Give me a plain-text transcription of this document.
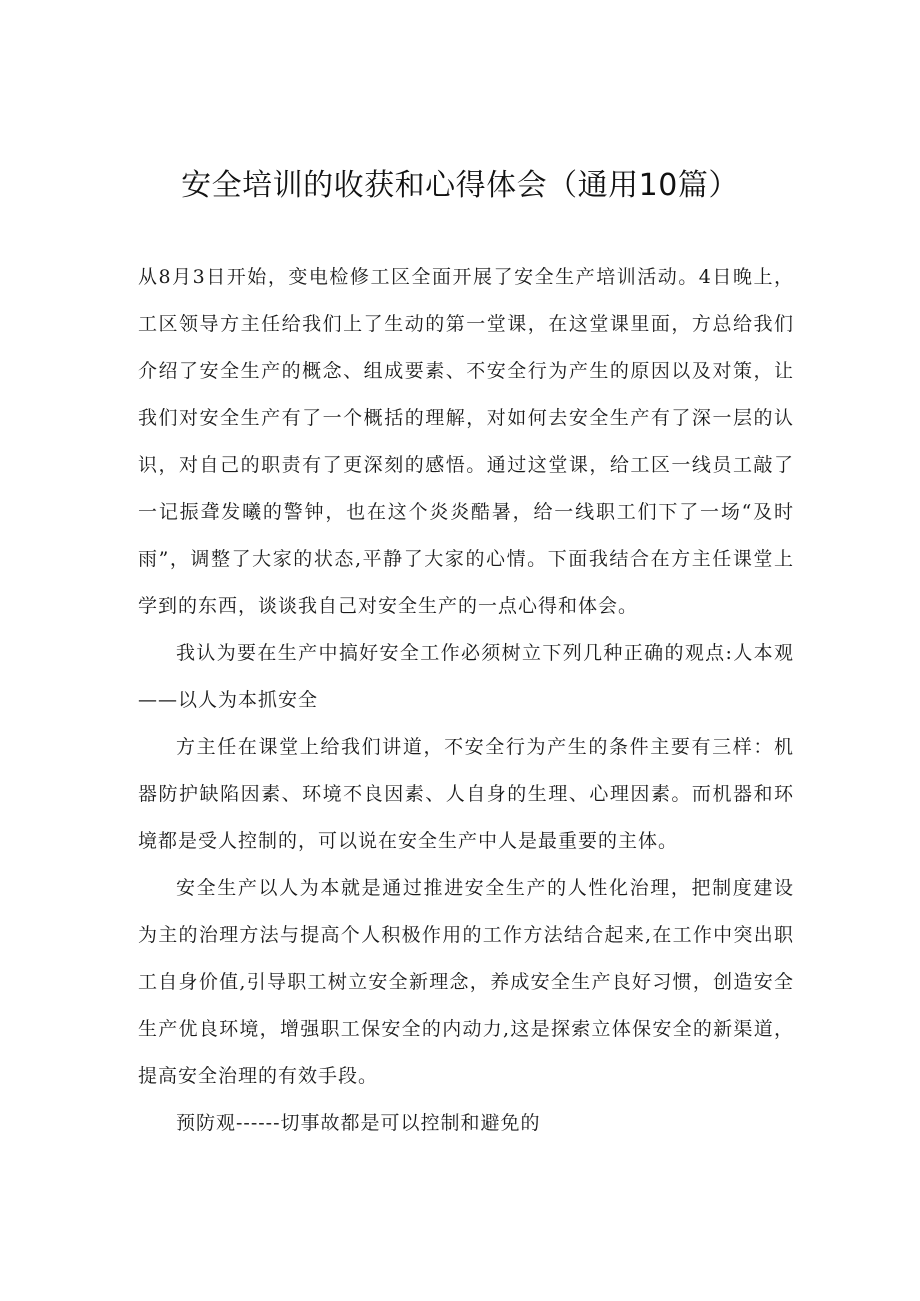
安全培训的收获和心得体会（通用10篇）

从8月3日开始，变电检修工区全面开展了安全生产培训活动。4日晚上，工区领导方主任给我们上了生动的第一堂课，在这堂课里面，方总给我们介绍了安全生产的概念、组成要素、不安全行为产生的原因以及对策，让我们对安全生产有了一个概括的理解，对如何去安全生产有了深一层的认识，对自己的职责有了更深刻的感悟。通过这堂课，给工区一线员工敲了一记振聋发曦的警钟，也在这个炎炎酷暑，给一线职工们下了一场“及时雨”，调整了大家的状态,平静了大家的心情。下面我结合在方主任课堂上学到的东西，谈谈我自己对安全生产的一点心得和体会。

我认为要在生产中搞好安全工作必须树立下列几种正确的观点:人本观——以人为本抓安全

方主任在课堂上给我们讲道，不安全行为产生的条件主要有三样：机器防护缺陷因素、环境不良因素、人自身的生理、心理因素。而机器和环境都是受人控制的，可以说在安全生产中人是最重要的主体。

安全生产以人为本就是通过推进安全生产的人性化治理，把制度建设为主的治理方法与提高个人积极作用的工作方法结合起来,在工作中突出职工自身价值,引导职工树立安全新理念，养成安全生产良好习惯，创造安全生产优良环境，增强职工保安全的内动力,这是探索立体保安全的新渠道，提高安全治理的有效手段。

预防观------切事故都是可以控制和避免的
